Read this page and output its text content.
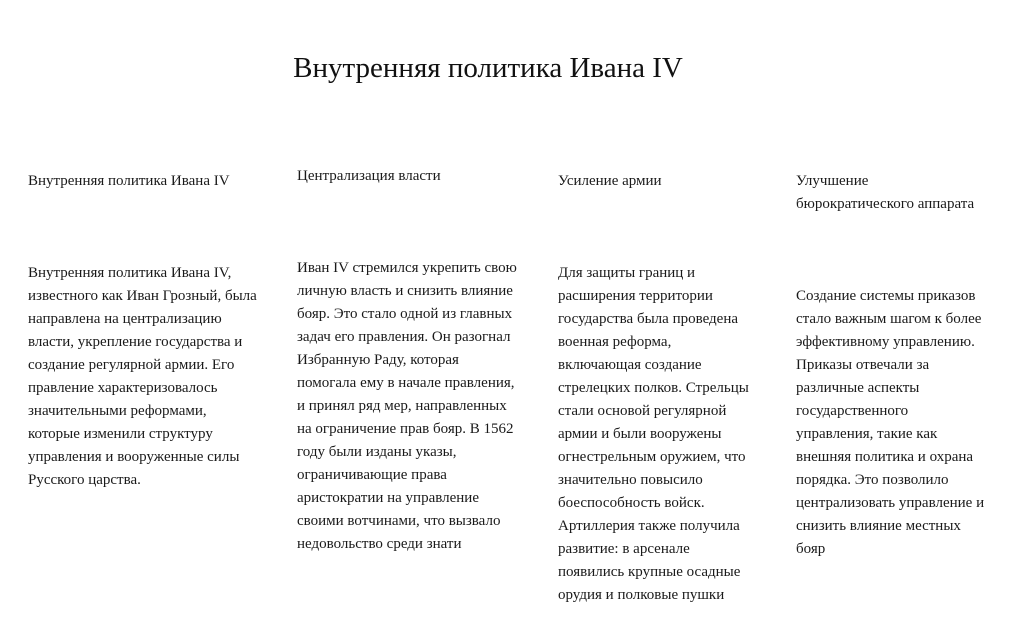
Внутренняя политика Ивана IV

Внутренняя политика Ивана IV

Внутренняя политика Ивана IV,
известного как Иван Грозный, была
направлена на централизацию
власти, укрепление государства и
создание регулярной армии. Его
правление характеризовалось
значительными реформами,
которые изменили структуру
управления и вооруженные силы
Русского царства.

Централизация власти

Иван IV стремился укрепить свою
личную власть и снизить влияние
бояр. Это стало одной из главных
задач его правления. Он разогнал
Избранную Раду, которая
помогала ему в начале правления,
и принял ряд мер, направленных
на ограничение прав бояр. В 1562
году были изданы указы,
ограничивающие права
аристократии на управление
своими вотчинами, что вызвало
недовольство среди знати

Усиление армии

Для защиты границ и
расширения территории
государства была проведена
военная реформа,
включающая создание
стрелецких полков. Стрельцы
стали основой регулярной
армии и были вооружены
огнестрельным оружием, что
значительно повысило
боеспособность войск.
Артиллерия также получила
развитие: в арсенале
появились крупные осадные
орудия и полковые пушки

Улучшение
бюрократического аппарата

Создание системы приказов
стало важным шагом к более
эффективному управлению.
Приказы отвечали за
различные аспекты
государственного
управления, такие как
внешняя политика и охрана
порядка. Это позволило
централизовать управление и
снизить влияние местных
бояр
